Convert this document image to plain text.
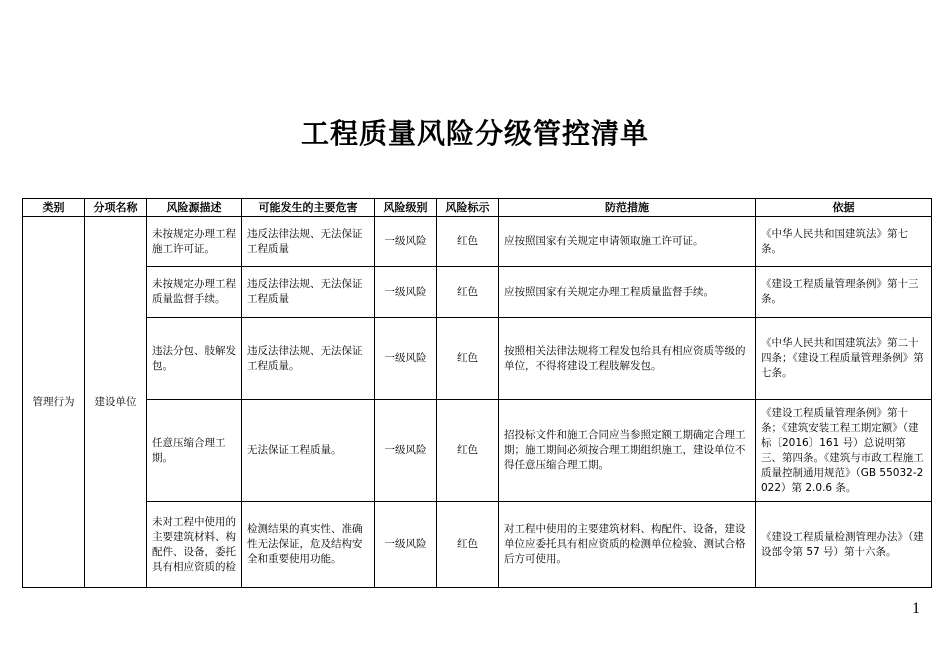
工程质量风险分级管控清单
类别	分项名称	风险源描述	可能发生的主要危害	风险级别	风险标示	防范措施	依据
管理行为	建设单位	未按规定办理工程施工许可证。	违反法律法规、无法保证工程质量	一级风险	红色	应按照国家有关规定申请领取施工许可证。	《中华人民共和国建筑法》第七条。
		未按规定办理工程质量监督手续。	违反法律法规、无法保证工程质量	一级风险	红色	应按照国家有关规定办理工程质量监督手续。	《建设工程质量管理条例》第十三条。
		违法分包、肢解发包。	违反法律法规、无法保证工程质量。	一级风险	红色	按照相关法律法规将工程发包给具有相应资质等级的单位，不得将建设工程肢解发包。	《中华人民共和国建筑法》第二十四条；《建设工程质量管理条例》第七条。
		任意压缩合理工期。	无法保证工程质量。	一级风险	红色	招投标文件和施工合同应当参照定额工期确定合理工期；施工期间必须按合理工期组织施工，建设单位不得任意压缩合理工期。	《建设工程质量管理条例》第十条；《建筑安装工程工期定额》（建标〔2016〕161 号）总说明第三、第四条。《建筑与市政工程施工质量控制通用规范》（GB 55032-2022）第 2.0.6 条。
		未对工程中使用的主要建筑材料、构配件、设备，委托具有相应资质的检	检测结果的真实性、准确性无法保证，危及结构安全和重要使用功能。	一级风险	红色	对工程中使用的主要建筑材料、构配件、设备，建设单位应委托具有相应资质的检测单位检验、测试合格后方可使用。	《建设工程质量检测管理办法》（建设部令第 57 号）第十六条。
1
